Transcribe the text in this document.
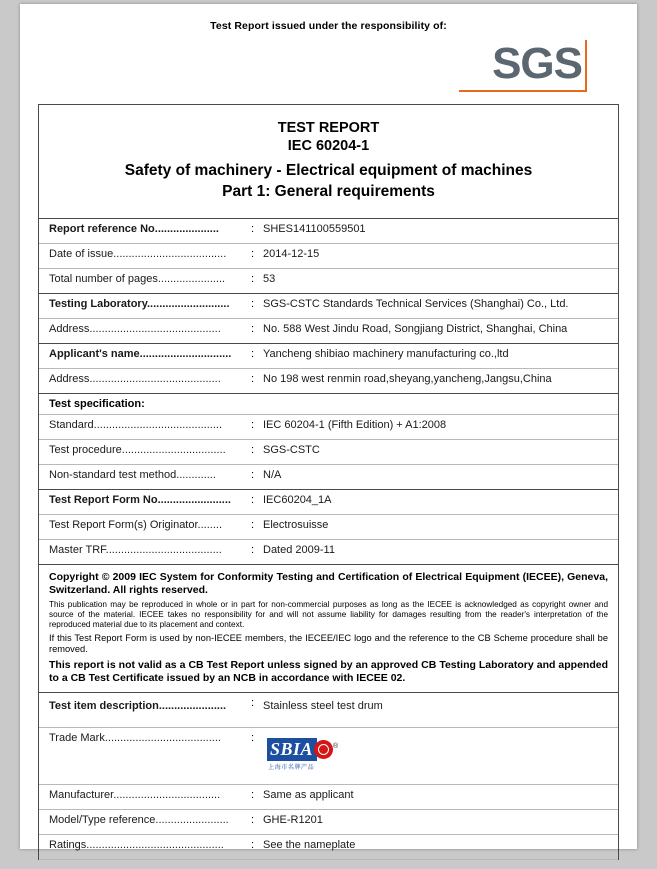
Test Report issued under the responsibility of:
SGS
TEST REPORT
IEC 60204-1
Safety of machinery - Electrical equipment of machines
Part 1: General requirements
Report reference No.....................	: SHES141100559501
Date of issue.....................................	: 2014-12-15
Total number of pages......................	: 53
Testing Laboratory...........................	: SGS-CSTC Standards Technical Services (Shanghai) Co., Ltd.
Address...........................................	: No. 588 West Jindu Road, Songjiang District, Shanghai, China
Applicant's name..............................	: Yancheng shibiao machinery manufacturing co.,ltd
Address...........................................	: No 198 west renmin road,sheyang,yancheng,Jangsu,China
Test specification:
Standard..........................................	: IEC 60204-1 (Fifth Edition) + A1:2008
Test procedure..................................	: SGS-CSTC
Non-standard test method.............	: N/A
Test Report Form No........................	: IEC60204_1A
Test Report Form(s) Originator........	: Electrosuisse
Master TRF......................................	: Dated 2009-11
Copyright © 2009 IEC System for Conformity Testing and Certification of Electrical Equipment (IECEE), Geneva, Switzerland. All rights reserved.
This publication may be reproduced in whole or in part for non-commercial purposes as long as the IECEE is acknowledged as copyright owner and source of the material. IECEE takes no responsibility for and will not assume liability for damages resulting from the reader's interpretation of the reproduced material due to its placement and context.
If this Test Report Form is used by non-IECEE members, the IECEE/IEC logo and the reference to the CB Scheme procedure shall be removed.
This report is not valid as a CB Test Report unless signed by an approved CB Testing Laboratory and appended to a CB Test Certificate issued by an NCB in accordance with IECEE 02.
Test item description......................	: Stainless steel test drum
Trade Mark......................................	:
SBIA	®
上海市名牌产品
Manufacturer...................................	: Same as applicant
Model/Type reference........................	: GHE-R1201
Ratings.............................................	: See the nameplate
